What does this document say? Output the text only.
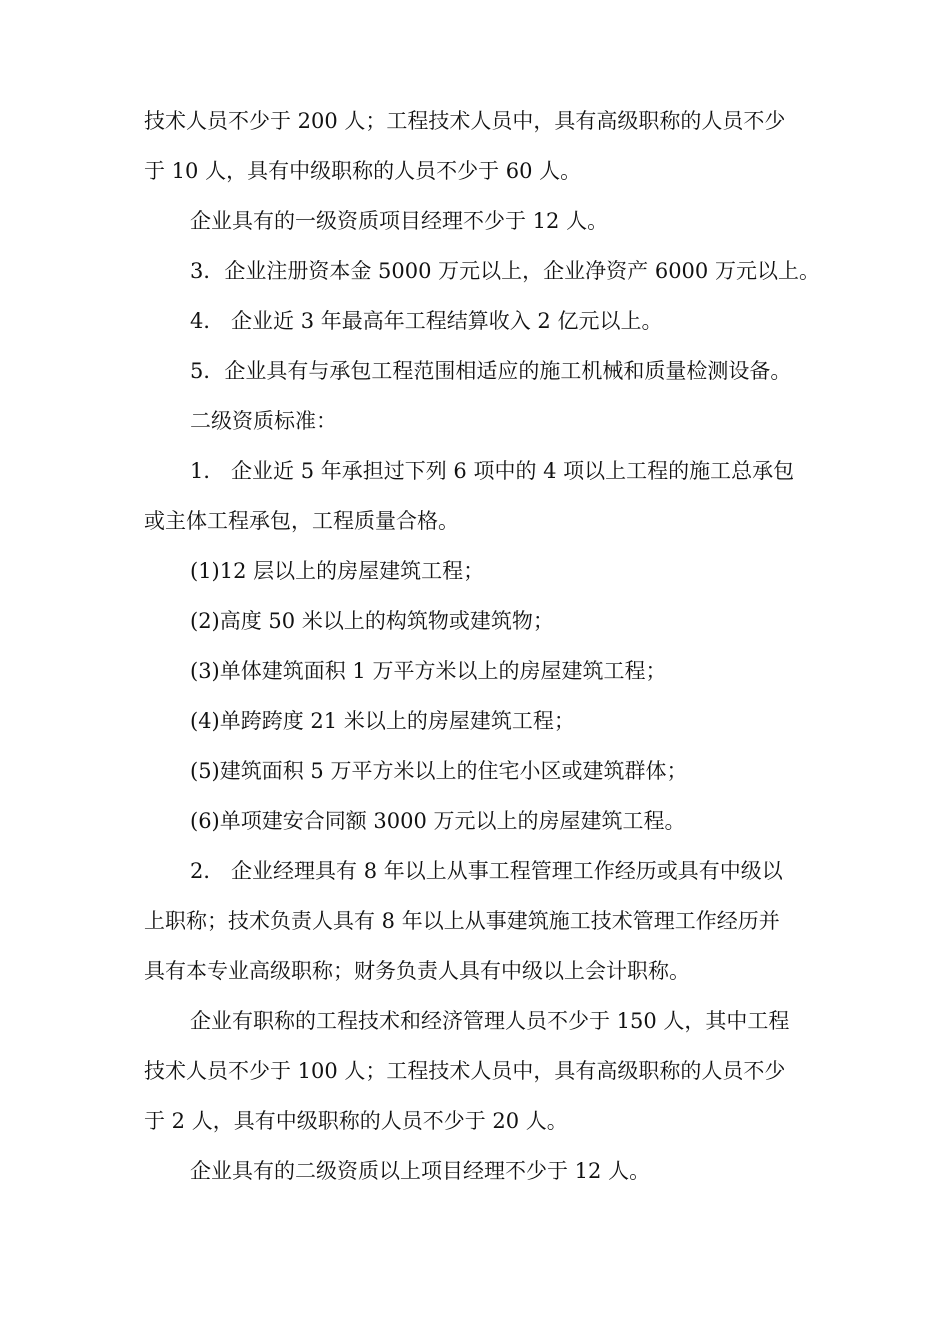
技术人员不少于 200 人；工程技术人员中，具有高级职称的人员不少
于 10 人，具有中级职称的人员不少于 60 人。

企业具有的一级资质项目经理不少于 12 人。

3．企业注册资本金 5000 万元以上，企业净资产 6000 万元以上。

4． 企业近 3 年最高年工程结算收入 2 亿元以上。

5．企业具有与承包工程范围相适应的施工机械和质量检测设备。

二级资质标准：

1． 企业近 5 年承担过下列 6 项中的 4 项以上工程的施工总承包
或主体工程承包，工程质量合格。

(1)12 层以上的房屋建筑工程；

(2)高度 50 米以上的构筑物或建筑物；

(3)单体建筑面积 1 万平方米以上的房屋建筑工程；

(4)单跨跨度 21 米以上的房屋建筑工程；

(5)建筑面积 5 万平方米以上的住宅小区或建筑群体；

(6)单项建安合同额 3000 万元以上的房屋建筑工程。

2． 企业经理具有 8 年以上从事工程管理工作经历或具有中级以
上职称；技术负责人具有 8 年以上从事建筑施工技术管理工作经历并
具有本专业高级职称；财务负责人具有中级以上会计职称。

企业有职称的工程技术和经济管理人员不少于 150 人，其中工程
技术人员不少于 100 人；工程技术人员中，具有高级职称的人员不少
于 2 人，具有中级职称的人员不少于 20 人。

企业具有的二级资质以上项目经理不少于 12 人。
